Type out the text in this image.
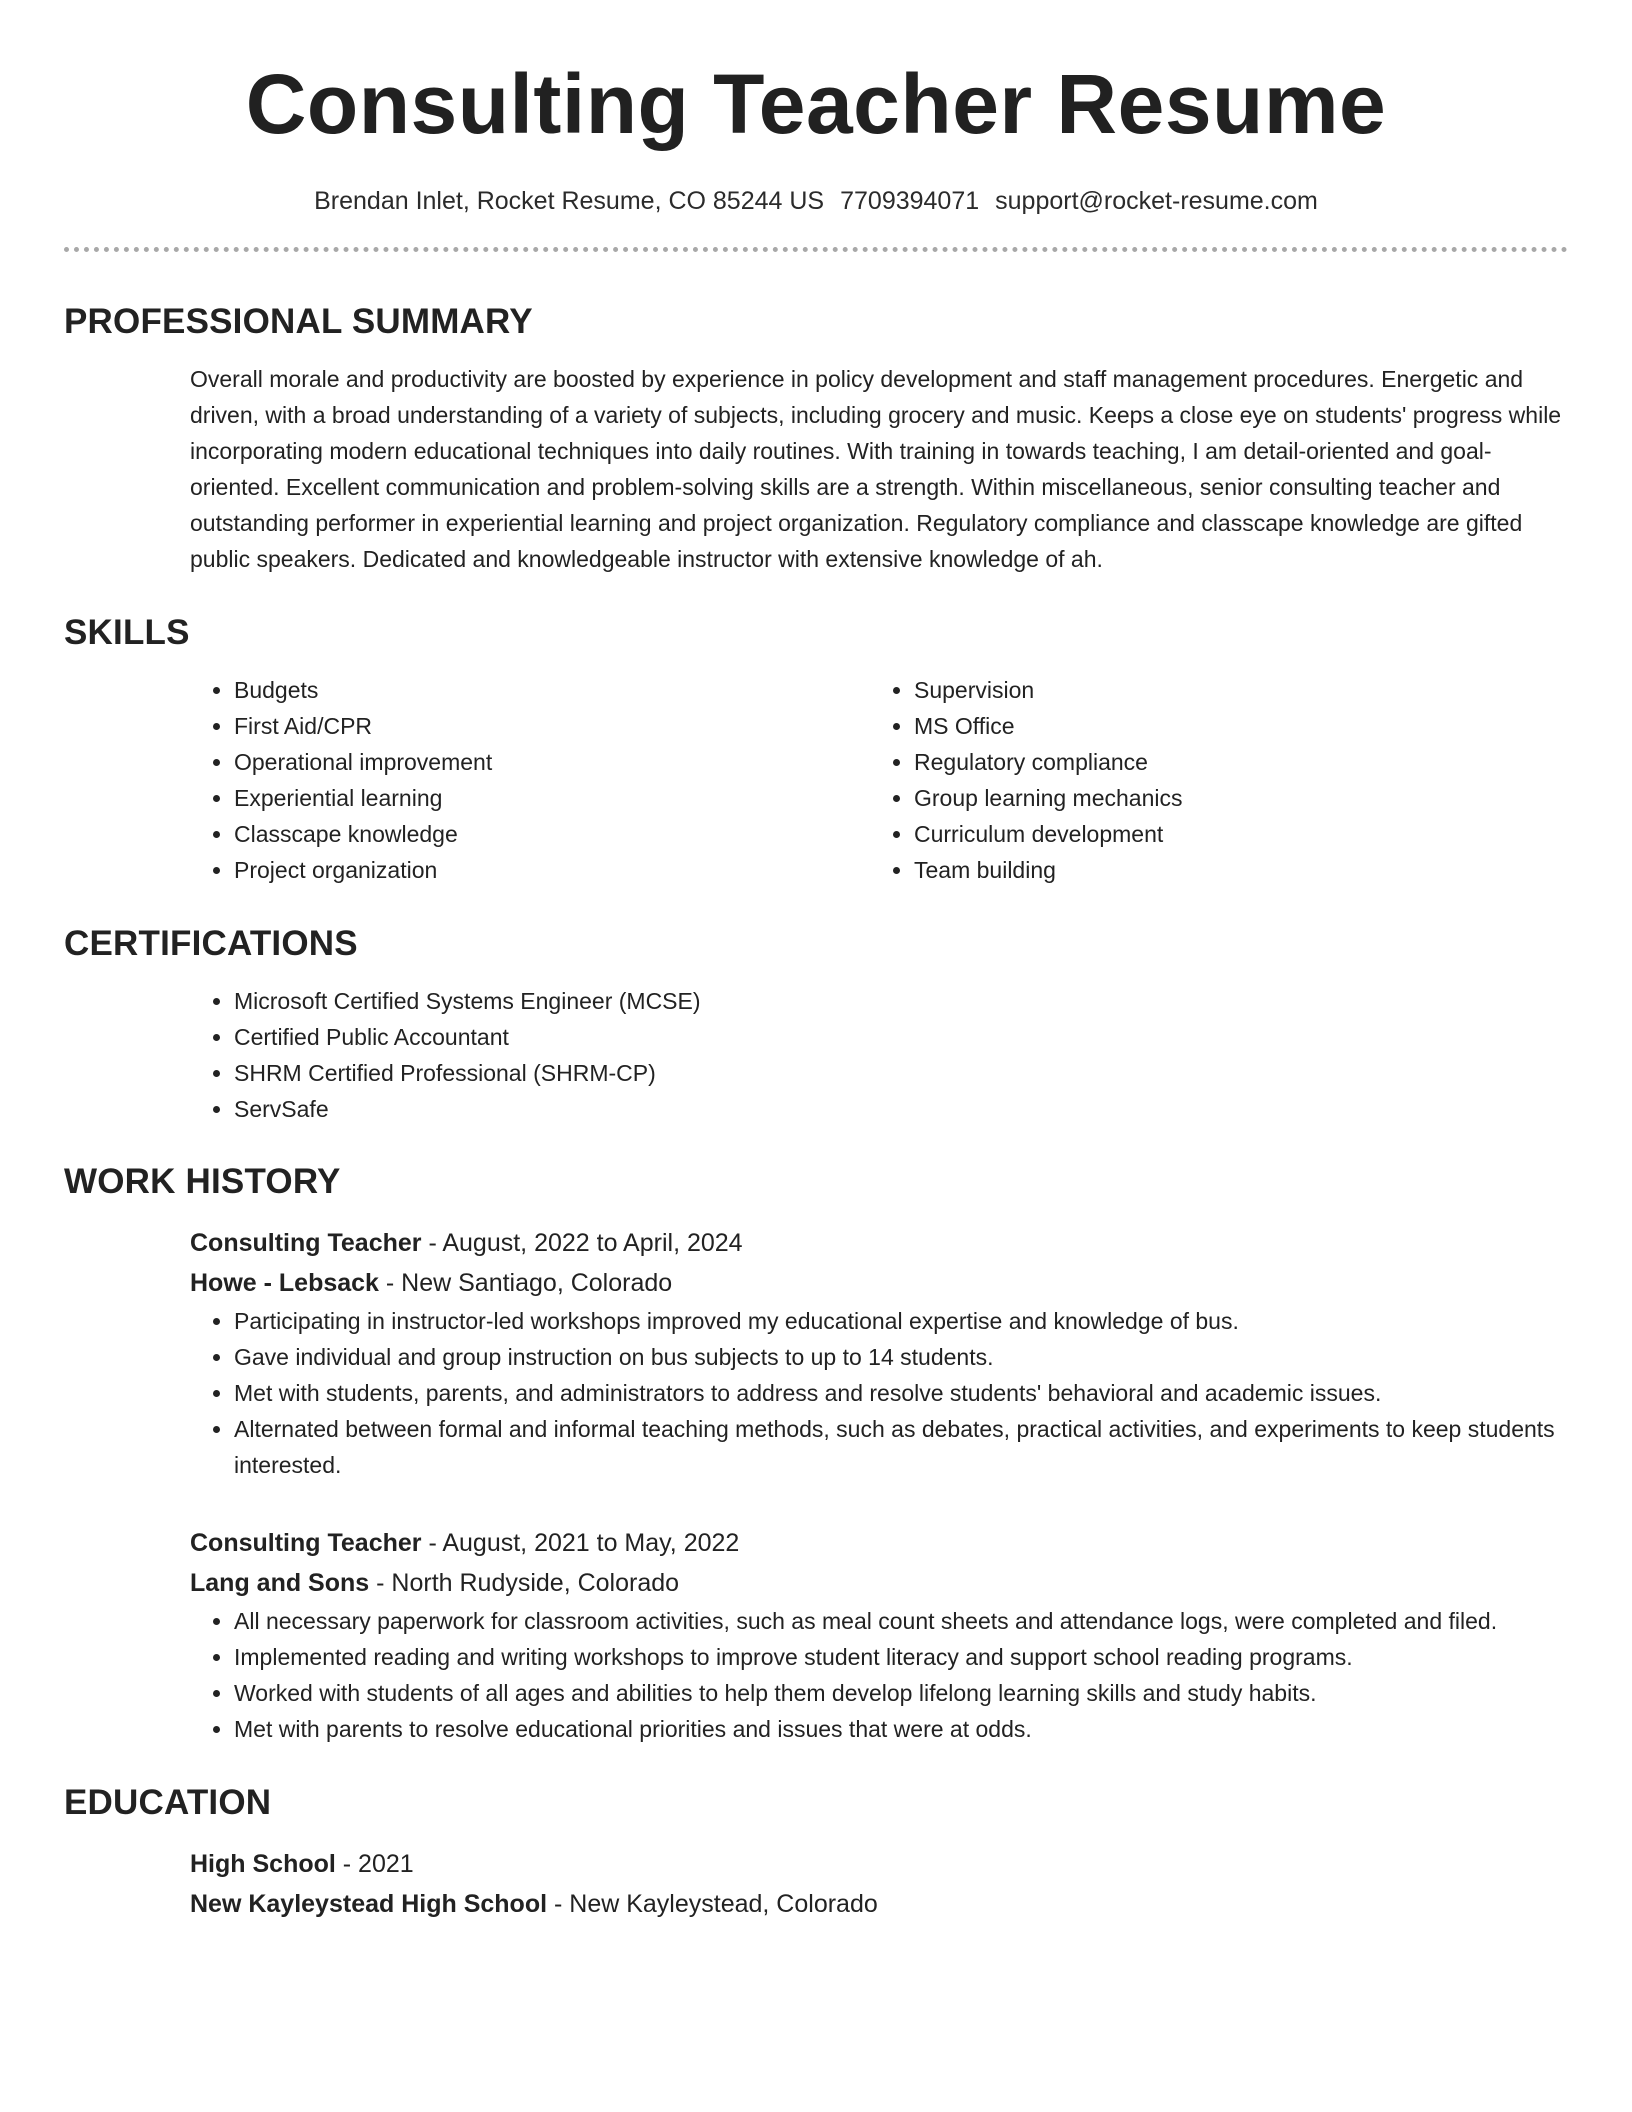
Consulting Teacher Resume
Brendan Inlet, Rocket Resume, CO 85244 US 7709394071 support@rocket-resume.com
PROFESSIONAL SUMMARY
Overall morale and productivity are boosted by experience in policy development and staff management procedures. Energetic and driven, with a broad understanding of a variety of subjects, including grocery and music. Keeps a close eye on students' progress while incorporating modern educational techniques into daily routines. With training in towards teaching, I am detail-oriented and goal-oriented. Excellent communication and problem-solving skills are a strength. Within miscellaneous, senior consulting teacher and outstanding performer in experiential learning and project organization. Regulatory compliance and classcape knowledge are gifted public speakers. Dedicated and knowledgeable instructor with extensive knowledge of ah.
SKILLS
• Budgets
• First Aid/CPR
• Operational improvement
• Experiential learning
• Classcape knowledge
• Project organization
• Supervision
• MS Office
• Regulatory compliance
• Group learning mechanics
• Curriculum development
• Team building
CERTIFICATIONS
• Microsoft Certified Systems Engineer (MCSE)
• Certified Public Accountant
• SHRM Certified Professional (SHRM-CP)
• ServSafe
WORK HISTORY
Consulting Teacher - August, 2022 to April, 2024
Howe - Lebsack - New Santiago, Colorado
• Participating in instructor-led workshops improved my educational expertise and knowledge of bus.
• Gave individual and group instruction on bus subjects to up to 14 students.
• Met with students, parents, and administrators to address and resolve students' behavioral and academic issues.
• Alternated between formal and informal teaching methods, such as debates, practical activities, and experiments to keep students interested.
Consulting Teacher - August, 2021 to May, 2022
Lang and Sons - North Rudyside, Colorado
• All necessary paperwork for classroom activities, such as meal count sheets and attendance logs, were completed and filed.
• Implemented reading and writing workshops to improve student literacy and support school reading programs.
• Worked with students of all ages and abilities to help them develop lifelong learning skills and study habits.
• Met with parents to resolve educational priorities and issues that were at odds.
EDUCATION
High School - 2021
New Kayleystead High School - New Kayleystead, Colorado
